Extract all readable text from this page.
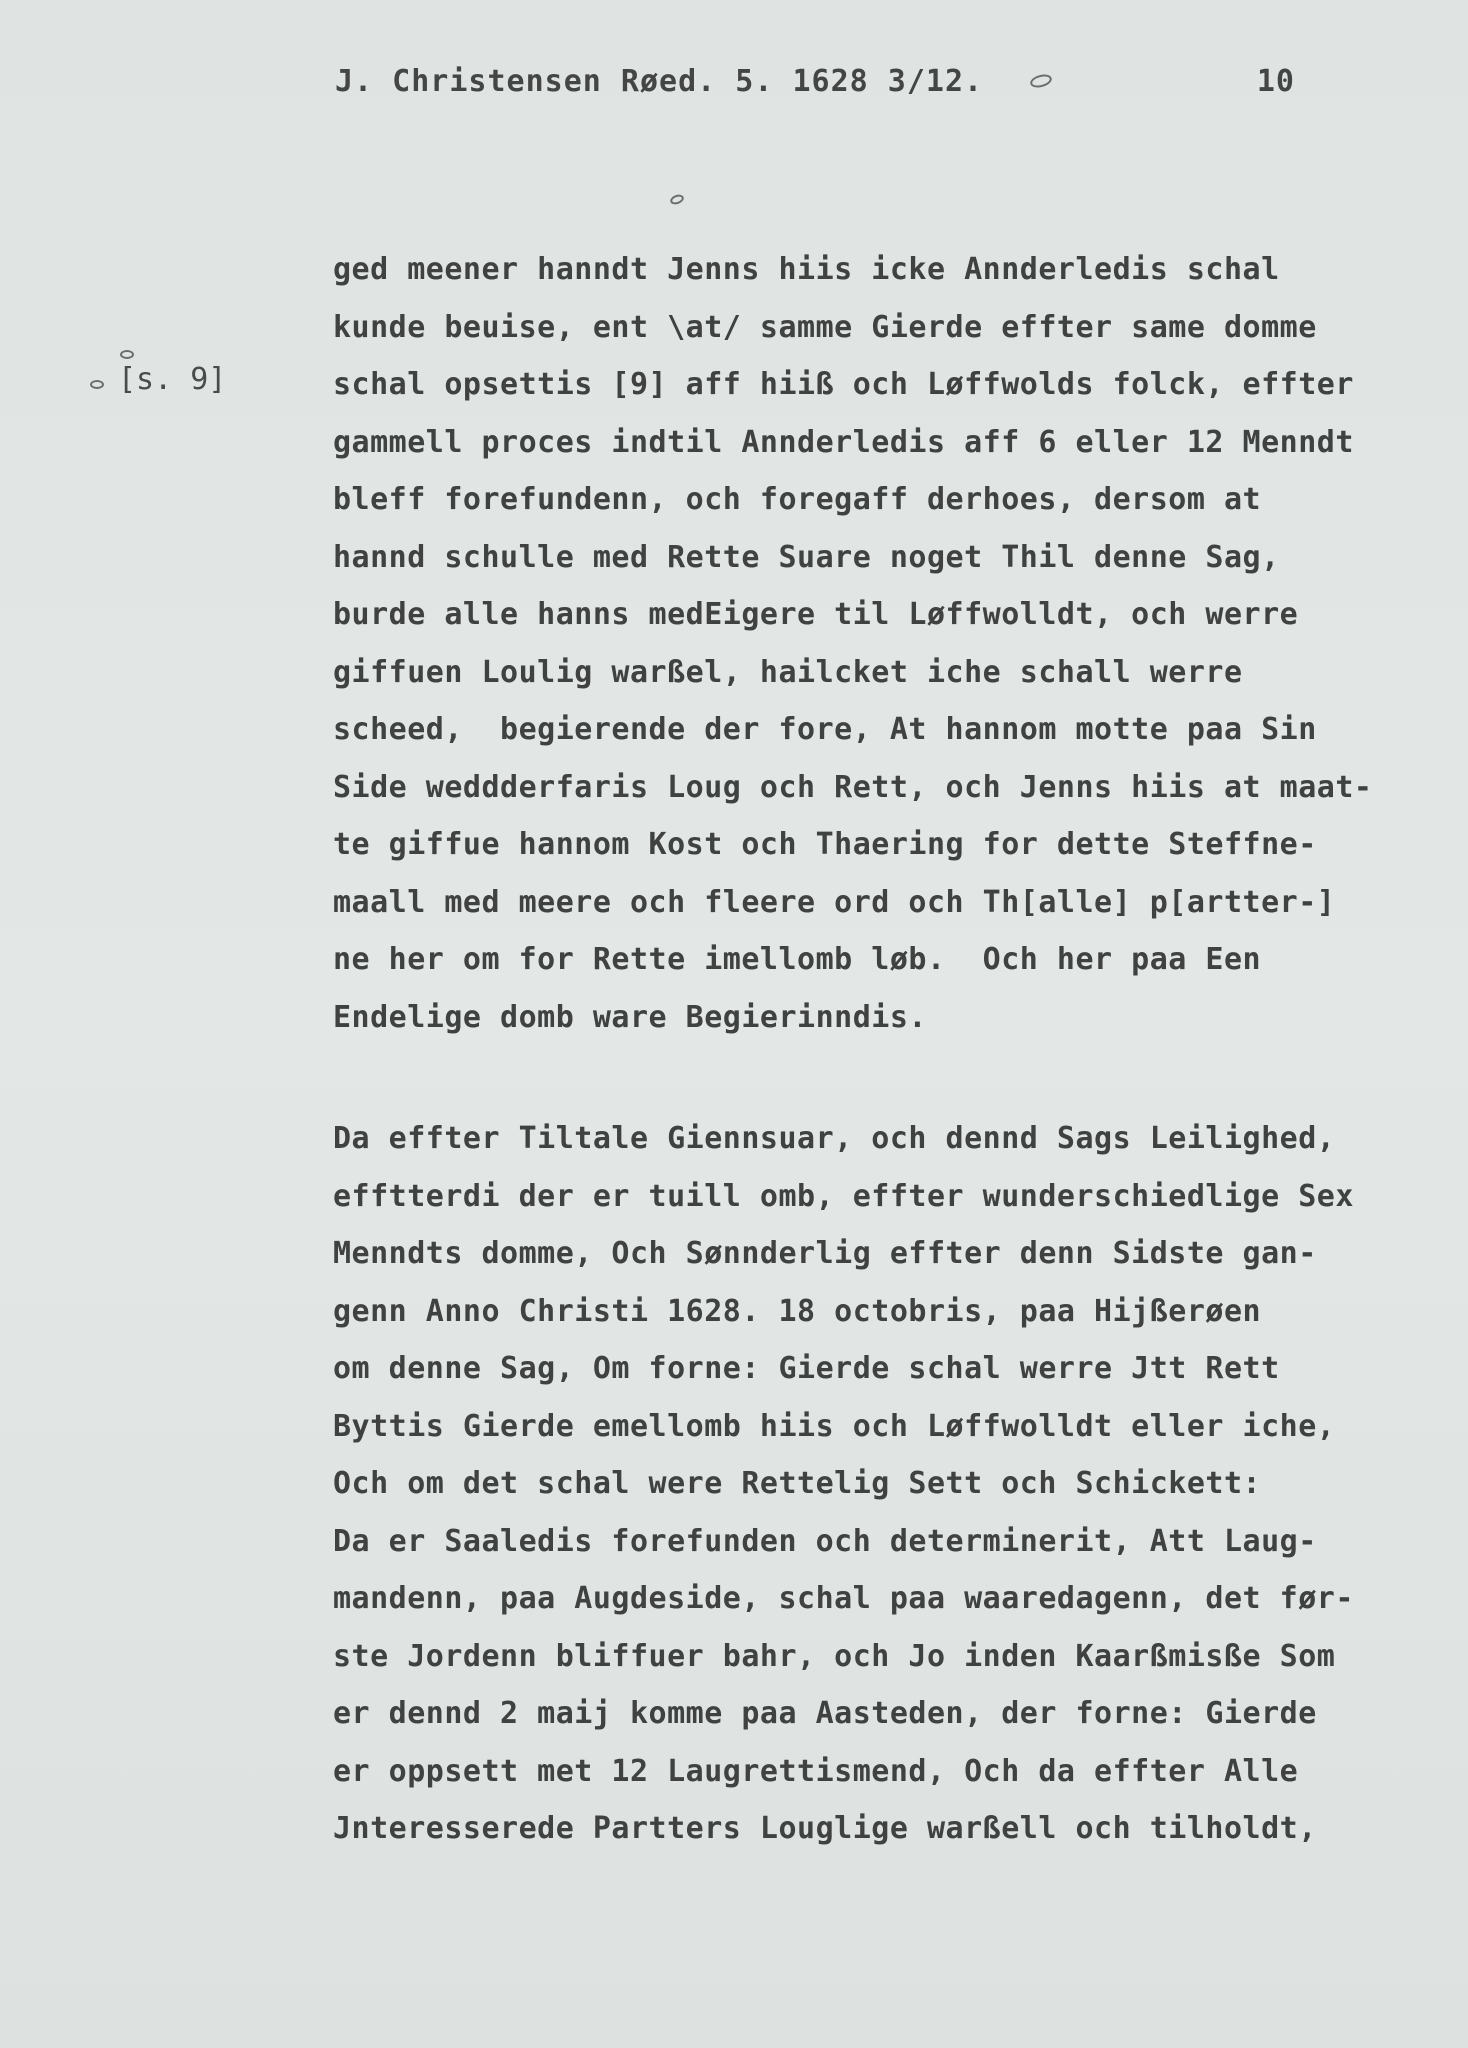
J. Christensen Røed. 5. 1628 3/12.	10
[s. 9]
ged meener hanndt Jenns hiis icke Annderledis schal
kunde beuise, ent \at/ samme Gierde effter same domme
schal opsettis [9] aff hiiß och Løffwolds folck, effter
gammell proces indtil Annderledis aff 6 eller 12 Menndt
bleff forefundenn, och foregaff derhoes, dersom at
hannd schulle med Rette Suare noget Thil denne Sag,
burde alle hanns medEigere til Løffwolldt, och werre
giffuen Loulig warßel, hailcket iche schall werre
scheed,  begierende der fore, At hannom motte paa Sin
Side weddderfaris Loug och Rett, och Jenns hiis at maat-
te giffue hannom Kost och Thaering for dette Steffne-
maall med meere och fleere ord och Th[alle] p[artter-]
ne her om for Rette imellomb løb.  Och her paa Een
Endelige domb ware Begierinndis.
Da effter Tiltale Giennsuar, och dennd Sags Leilighed,
efftterdi der er tuill omb, effter wunderschiedlige Sex
Menndts domme, Och Sønnderlig effter denn Sidste gan-
genn Anno Christi 1628. 18 octobris, paa Hijßerøen
om denne Sag, Om forne: Gierde schal werre Jtt Rett
Byttis Gierde emellomb hiis och Løffwolldt eller iche,
Och om det schal were Rettelig Sett och Schickett:
Da er Saaledis forefunden och determinerit, Att Laug-
mandenn, paa Augdeside, schal paa waaredagenn, det før-
ste Jordenn bliffuer bahr, och Jo inden Kaarßmisße Som
er dennd 2 maij komme paa Aasteden, der forne: Gierde
er oppsett met 12 Laugrettismend, Och da effter Alle
Jnteresserede Partters Louglige warßell och tilholdt,
